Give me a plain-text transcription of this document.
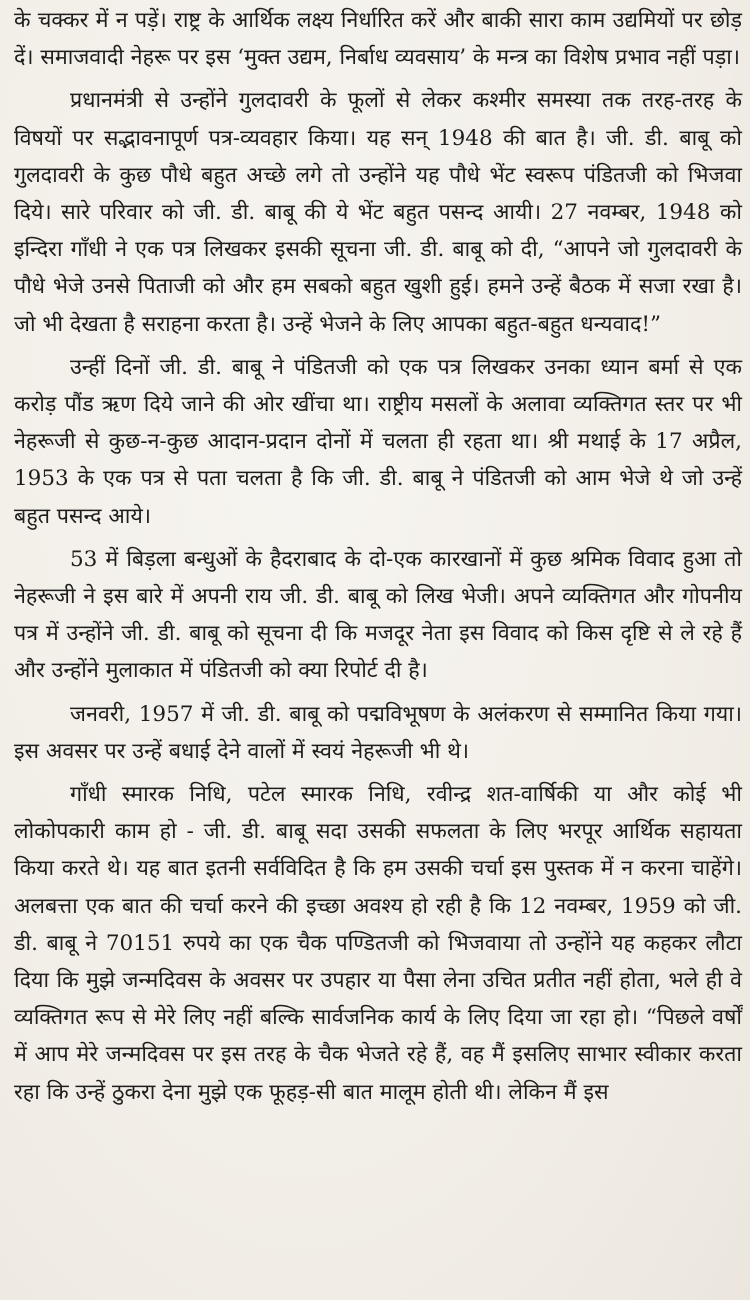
के चक्कर में न पड़ें। राष्ट्र के आर्थिक लक्ष्य निर्धारित करें और बाकी सारा काम उद्यमियों पर छोड़ दें। समाजवादी नेहरू पर इस ‘मुक्त उद्यम, निर्बाध व्यवसाय’ के मन्त्र का विशेष प्रभाव नहीं पड़ा।

प्रधानमंत्री से उन्होंने गुलदावरी के फूलों से लेकर कश्मीर समस्या तक तरह-तरह के विषयों पर सद्भावनापूर्ण पत्र-व्यवहार किया। यह सन् 1948 की बात है। जी. डी. बाबू को गुलदावरी के कुछ पौधे बहुत अच्छे लगे तो उन्होंने यह पौधे भेंट स्वरूप पंडितजी को भिजवा दिये। सारे परिवार को जी. डी. बाबू की ये भेंट बहुत पसन्द आयी। 27 नवम्बर, 1948 को इन्दिरा गाँधी ने एक पत्र लिखकर इसकी सूचना जी. डी. बाबू को दी, “आपने जो गुलदावरी के पौधे भेजे उनसे पिताजी को और हम सबको बहुत खुशी हुई। हमने उन्हें बैठक में सजा रखा है। जो भी देखता है सराहना करता है। उन्हें भेजने के लिए आपका बहुत-बहुत धन्यवाद!”

उन्हीं दिनों जी. डी. बाबू ने पंडितजी को एक पत्र लिखकर उनका ध्यान बर्मा से एक करोड़ पौंड ऋण दिये जाने की ओर खींचा था। राष्ट्रीय मसलों के अलावा व्यक्तिगत स्तर पर भी नेहरूजी से कुछ-न-कुछ आदान-प्रदान दोनों में चलता ही रहता था। श्री मथाई के 17 अप्रैल, 1953 के एक पत्र से पता चलता है कि जी. डी. बाबू ने पंडितजी को आम भेजे थे जो उन्हें बहुत पसन्द आये।

53 में बिड़ला बन्धुओं के हैदराबाद के दो-एक कारखानों में कुछ श्रमिक विवाद हुआ तो नेहरूजी ने इस बारे में अपनी राय जी. डी. बाबू को लिख भेजी। अपने व्यक्तिगत और गोपनीय पत्र में उन्होंने जी. डी. बाबू को सूचना दी कि मजदूर नेता इस विवाद को किस दृष्टि से ले रहे हैं और उन्होंने मुलाकात में पंडितजी को क्या रिपोर्ट दी है।

जनवरी, 1957 में जी. डी. बाबू को पद्मविभूषण के अलंकरण से सम्मानित किया गया। इस अवसर पर उन्हें बधाई देने वालों में स्वयं नेहरूजी भी थे।

गाँधी स्मारक निधि, पटेल स्मारक निधि, रवीन्द्र शत-वार्षिकी या और कोई भी लोकोपकारी काम हो - जी. डी. बाबू सदा उसकी सफलता के लिए भरपूर आर्थिक सहायता किया करते थे। यह बात इतनी सर्वविदित है कि हम उसकी चर्चा इस पुस्तक में न करना चाहेंगे। अलबत्ता एक बात की चर्चा करने की इच्छा अवश्य हो रही है कि 12 नवम्बर, 1959 को जी. डी. बाबू ने 70151 रुपये का एक चैक पण्डितजी को भिजवाया तो उन्होंने यह कहकर लौटा दिया कि मुझे जन्मदिवस के अवसर पर उपहार या पैसा लेना उचित प्रतीत नहीं होता, भले ही वे व्यक्तिगत रूप से मेरे लिए नहीं बल्कि सार्वजनिक कार्य के लिए दिया जा रहा हो। “पिछले वर्षों में आप मेरे जन्मदिवस पर इस तरह के चैक भेजते रहे हैं, वह मैं इसलिए साभार स्वीकार करता रहा कि उन्हें ठुकरा देना मुझे एक फूहड़-सी बात मालूम होती थी। लेकिन मैं इस
